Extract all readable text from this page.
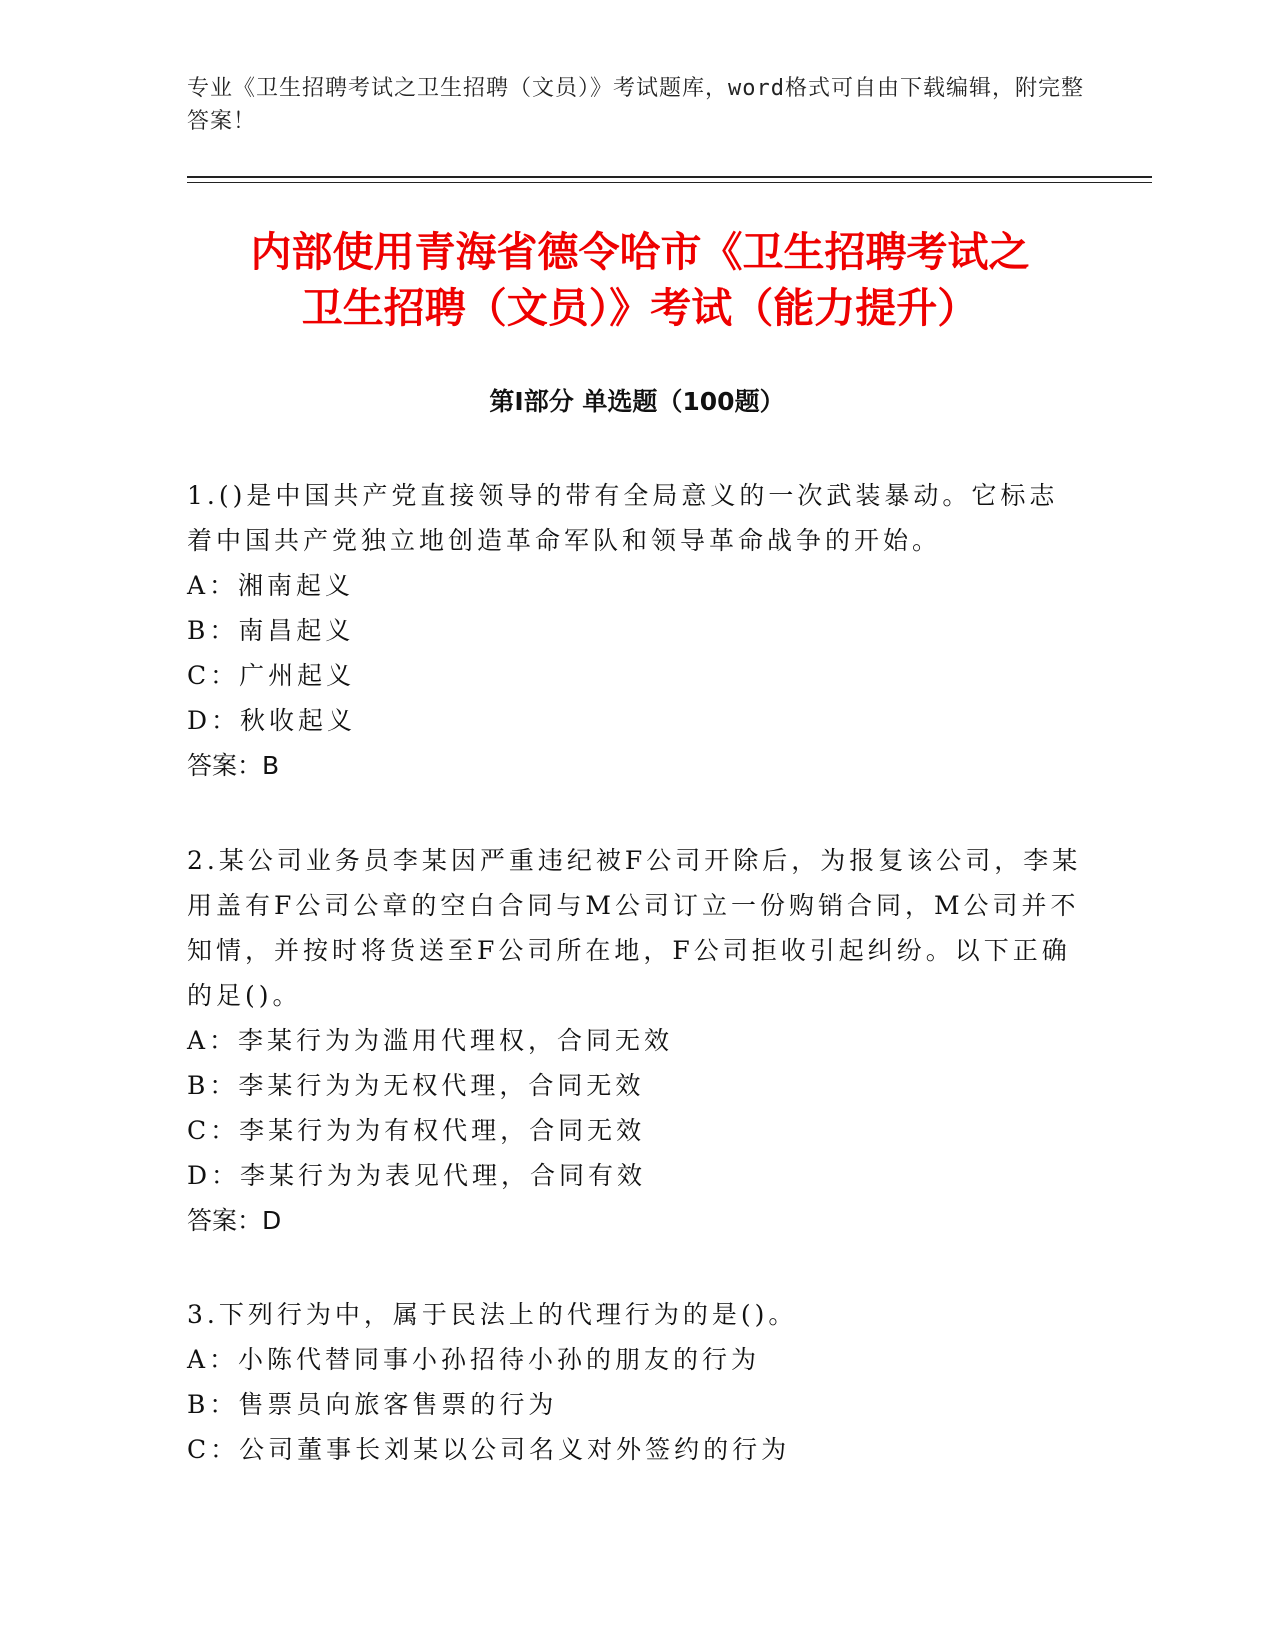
专业《卫生招聘考试之卫生招聘（文员）》考试题库，word格式可自由下载编辑，附完整答案！
内部使用青海省德令哈市《卫生招聘考试之
卫生招聘（文员）》考试（能力提升）
第Ⅰ部分 单选题（100题）
1.()是中国共产党直接领导的带有全局意义的一次武装暴动。它标志着中国共产党独立地创造革命军队和领导革命战争的开始。
A：湘南起义
B：南昌起义
C：广州起义
D：秋收起义
答案：B
2.某公司业务员李某因严重违纪被F公司开除后，为报复该公司，李某用盖有F公司公章的空白合同与M公司订立一份购销合同，M公司并不知情，并按时将货送至F公司所在地，F公司拒收引起纠纷。以下正确的足()。
A：李某行为为滥用代理权，合同无效
B：李某行为为无权代理，合同无效
C：李某行为为有权代理，合同无效
D：李某行为为表见代理，合同有效
答案：D
3.下列行为中，属于民法上的代理行为的是()。
A：小陈代替同事小孙招待小孙的朋友的行为
B：售票员向旅客售票的行为
C：公司董事长刘某以公司名义对外签约的行为
